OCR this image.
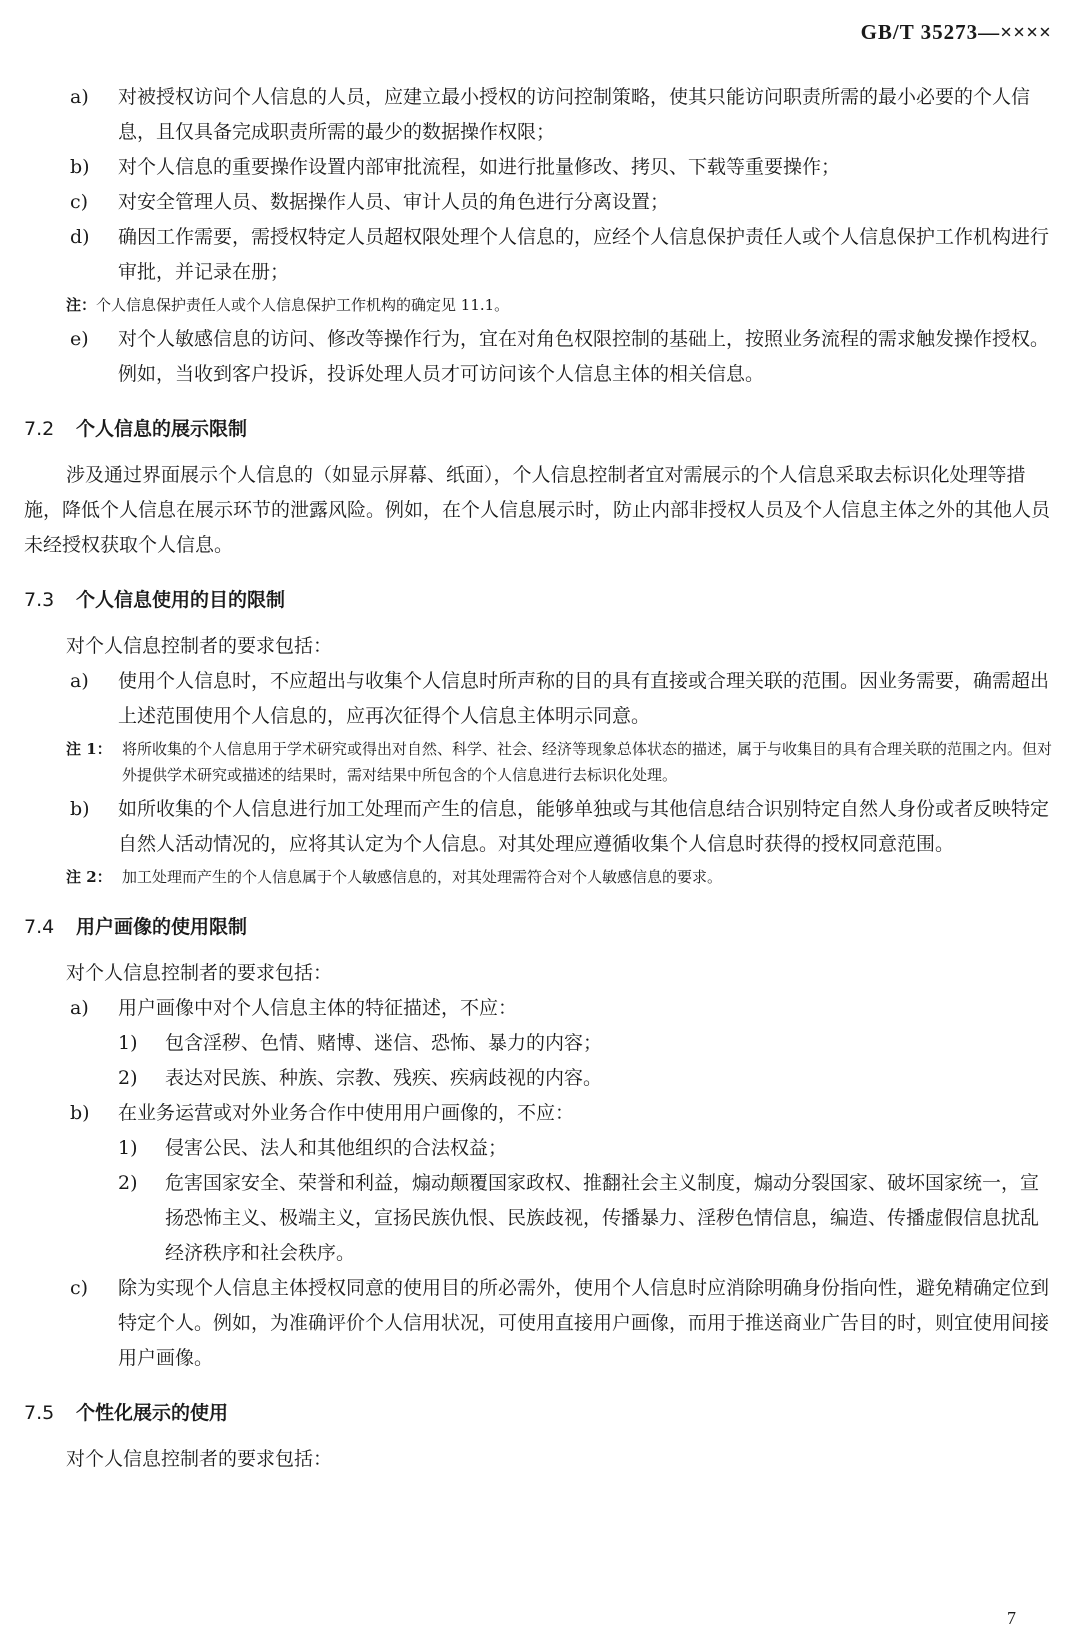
GB/T 35273—××××
a) 对被授权访问个人信息的人员，应建立最小授权的访问控制策略，使其只能访问职责所需的最小必要的个人信息，且仅具备完成职责所需的最少的数据操作权限；
b) 对个人信息的重要操作设置内部审批流程，如进行批量修改、拷贝、下载等重要操作；
c) 对安全管理人员、数据操作人员、审计人员的角色进行分离设置；
d) 确因工作需要，需授权特定人员超权限处理个人信息的，应经个人信息保护责任人或个人信息保护工作机构进行审批，并记录在册；
注：个人信息保护责任人或个人信息保护工作机构的确定见 11.1。
e) 对个人敏感信息的访问、修改等操作行为，宜在对角色权限控制的基础上，按照业务流程的需求触发操作授权。例如，当收到客户投诉，投诉处理人员才可访问该个人信息主体的相关信息。
7.2 个人信息的展示限制

涉及通过界面展示个人信息的（如显示屏幕、纸面），个人信息控制者宜对需展示的个人信息采取去标识化处理等措施，降低个人信息在展示环节的泄露风险。例如，在个人信息展示时，防止内部非授权人员及个人信息主体之外的其他人员未经授权获取个人信息。

7.3 个人信息使用的目的限制

对个人信息控制者的要求包括：

a) 使用个人信息时，不应超出与收集个人信息时所声称的目的具有直接或合理关联的范围。因业务需要，确需超出上述范围使用个人信息的，应再次征得个人信息主体明示同意。
注 1： 将所收集的个人信息用于学术研究或得出对自然、科学、社会、经济等现象总体状态的描述，属于与收集目的具有合理关联的范围之内。但对外提供学术研究或描述的结果时，需对结果中所包含的个人信息进行去标识化处理。
b) 如所收集的个人信息进行加工处理而产生的信息，能够单独或与其他信息结合识别特定自然人身份或者反映特定自然人活动情况的，应将其认定为个人信息。对其处理应遵循收集个人信息时获得的授权同意范围。
注 2： 加工处理而产生的个人信息属于个人敏感信息的，对其处理需符合对个人敏感信息的要求。
7.4 用户画像的使用限制

对个人信息控制者的要求包括：

a) 用户画像中对个人信息主体的特征描述，不应：
1) 包含淫秽、色情、赌博、迷信、恐怖、暴力的内容；
2) 表达对民族、种族、宗教、残疾、疾病歧视的内容。
b) 在业务运营或对外业务合作中使用用户画像的，不应：
1) 侵害公民、法人和其他组织的合法权益；
2) 危害国家安全、荣誉和利益，煽动颠覆国家政权、推翻社会主义制度，煽动分裂国家、破坏国家统一，宣扬恐怖主义、极端主义，宣扬民族仇恨、民族歧视，传播暴力、淫秽色情信息，编造、传播虚假信息扰乱经济秩序和社会秩序。
c) 除为实现个人信息主体授权同意的使用目的所必需外，使用个人信息时应消除明确身份指向性，避免精确定位到特定个人。例如，为准确评价个人信用状况，可使用直接用户画像，而用于推送商业广告目的时，则宜使用间接用户画像。
7.5 个性化展示的使用

对个人信息控制者的要求包括：

7
